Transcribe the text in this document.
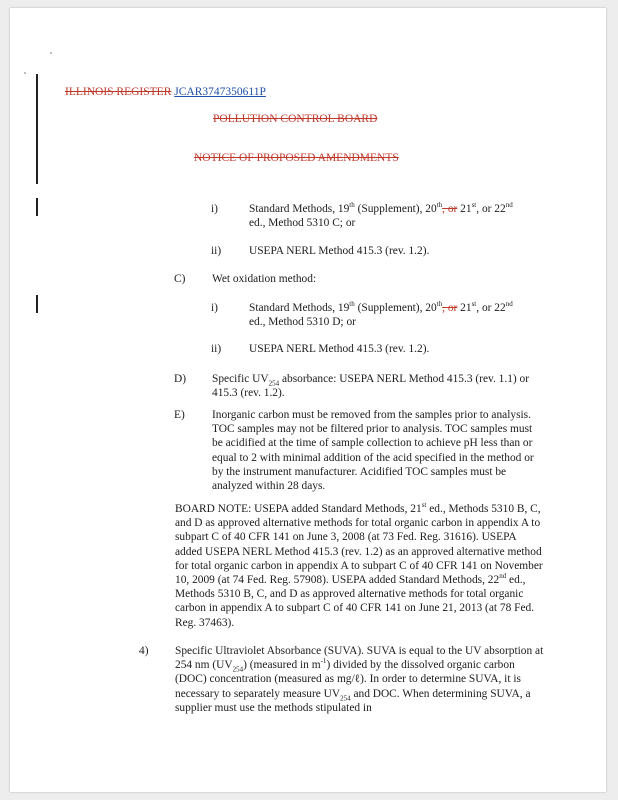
ILLINOIS REGISTER JCAR3747350611P
POLLUTION CONTROL BOARD
NOTICE OF PROPOSED AMENDMENTS
i)	Standard Methods, 19th (Supplement), 20th, or 21st, or 22nd
ed., Method 5310 C; or

ii) USEPA NERL Method 415.3 (rev. 1.2).

C) Wet oxidation method:

i)	Standard Methods, 19th (Supplement), 20th, or 21st, or 22nd
ed., Method 5310 D; or

ii) USEPA NERL Method 415.3 (rev. 1.2).

D) Specific $UV_{254}$ absorbance: USEPA NERL Method 415.3 (rev. 1.1) or 415.3 (rev. 1.2).

E) Inorganic carbon must be removed from the samples prior to analysis. TOC samples may not be filtered prior to analysis. TOC samples must be acidified at the time of sample collection to achieve pH less than or equal to 2 with minimal addition of the acid specified in the method or by the instrument manufacturer. Acidified TOC samples must be analyzed within 28 days.

BOARD NOTE: USEPA added Standard Methods, 21st ed., Methods 5310 B, C, and D as approved alternative methods for total organic carbon in appendix A to subpart C of 40 CFR 141 on June 3, 2008 (at 73 Fed. Reg. 31616). USEPA added USEPA NERL Method 415.3 (rev. 1.2) as an approved alternative method for total organic carbon in appendix A to subpart C of 40 CFR 141 on November 10, 2009 (at 74 Fed. Reg. 57908). USEPA added Standard Methods, 22nd ed., Methods 5310 B, C, and D as approved alternative methods for total organic carbon in appendix A to subpart C of 40 CFR 141 on June 21, 2013 (at 78 Fed. Reg. 37463).

4) Specific Ultraviolet Absorbance (SUVA). SUVA is equal to the UV absorption at 254 nm $(UV_{254})$ (measured in $m^{-1}$) divided by the dissolved organic carbon (DOC) concentration (measured as mg/ℓ). In order to determine SUVA, it is necessary to separately measure $UV_{254}$ and DOC. When determining SUVA, a supplier must use the methods stipulated in
